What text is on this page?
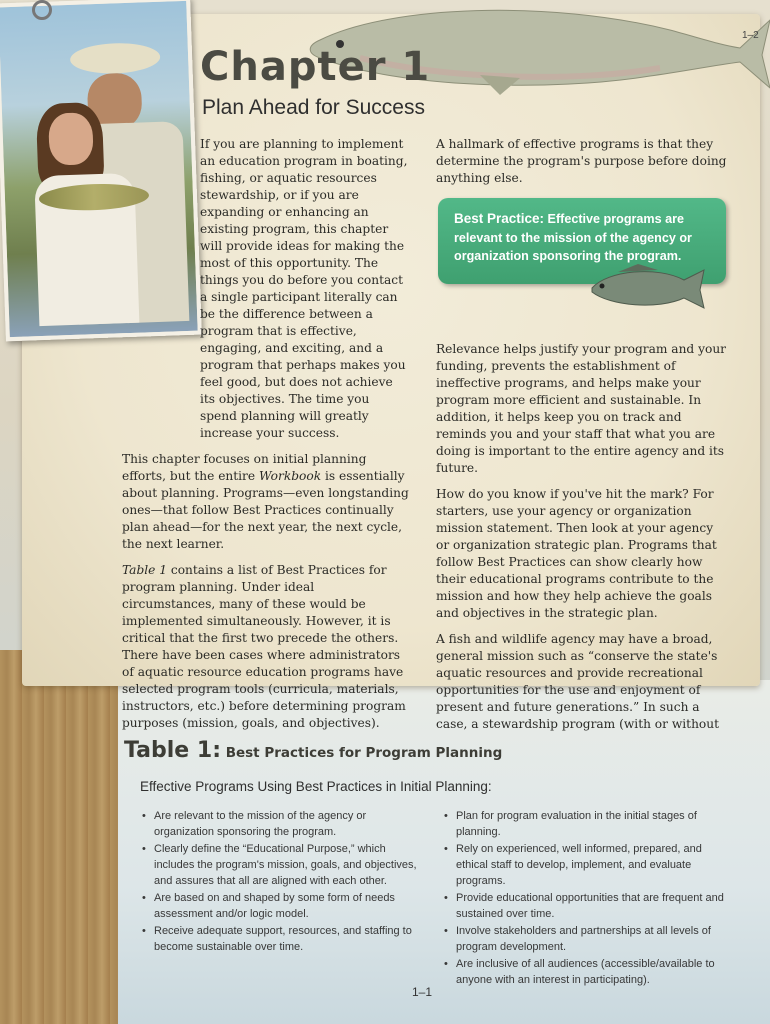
1–2
Chapter 1
Plan Ahead for Success

If you are planning to implement an education program in boating, fishing, or aquatic resources stewardship, or if you are expanding or enhancing an existing program, this chapter will provide ideas for making the most of this opportunity. The things you do before you contact a single participant literally can be the difference between a program that is effective, engaging, and exciting, and a program that perhaps makes you feel good, but does not achieve its objectives. The time you spend planning will greatly increase your success.

This chapter focuses on initial planning efforts, but the entire Workbook is essentially about planning. Programs—even longstanding ones—that follow Best Practices continually plan ahead—for the next year, the next cycle, the next learner.

Table 1 contains a list of Best Practices for program planning. Under ideal circumstances, many of these would be implemented simultaneously. However, it is critical that the first two precede the others. There have been cases where administrators of aquatic resource education programs have selected program tools (curricula, materials, instructors, etc.) before determining program purposes (mission, goals, and objectives).

A hallmark of effective programs is that they determine the program's purpose before doing anything else.

Relevance helps justify your program and your funding, prevents the establishment of ineffective programs, and helps make your program more efficient and sustainable. In addition, it helps keep you on track and reminds you and your staff that what you are doing is important to the entire agency and its future.

How do you know if you've hit the mark? For starters, use your agency or organization mission statement. Then look at your agency or organization strategic plan. Programs that follow Best Practices can show clearly how their educational programs contribute to the mission and how they help achieve the goals and objectives in the strategic plan.

A fish and wildlife agency may have a broad, general mission such as “conserve the state's aquatic resources and provide recreational opportunities for the use and enjoyment of present and future generations.” In such a case, a stewardship program (with or without

Best Practice: Effective programs are relevant to the mission of the agency or organization sponsoring the program.
Table 1: Best Practices for Program Planning
Effective Programs Using Best Practices in Initial Planning:
• Are relevant to the mission of the agency or organization sponsoring the program.
• Clearly define the “Educational Purpose,” which includes the program's mission, goals, and objectives, and assures that all are aligned with each other.
• Are based on and shaped by some form of needs assessment and/or logic model.
• Receive adequate support, resources, and staffing to become sustainable over time.
• Plan for program evaluation in the initial stages of planning.
• Rely on experienced, well informed, prepared, and ethical staff to develop, implement, and evaluate programs.
• Provide educational opportunities that are frequent and sustained over time.
• Involve stakeholders and partnerships at all levels of program development.
• Are inclusive of all audiences (accessible/available to anyone with an interest in participating).
1–1
